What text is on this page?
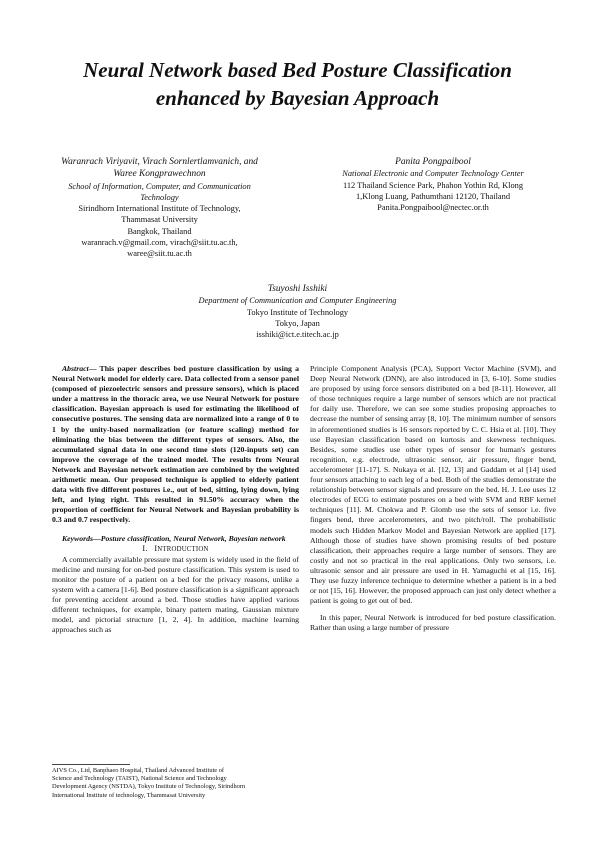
Neural Network based Bed Posture Classification
enhanced by Bayesian Approach
Waranrach Viriyavit, Virach Sornlertlamvanich, and
Waree Kongprawechnon
School of Information, Computer, and Communication
Technology
Sirindhorn International Institute of Technology,
Thammasat University
Bangkok, Thailand
waranrach.v@gmail.com, virach@siit.tu.ac.th,
waree@siit.tu.ac.th
Panita Pongpaibool
National Electronic and Computer Technology Center
112 Thailand Science Park, Phahon Yothin Rd, Klong
1,Klong Luang, Pathumthani 12120, Thailand
Panita.Pongpaibool@nectec.or.th
Tsuyoshi Isshiki
Department of Communication and Computer Engineering
Tokyo Institute of Technology
Tokyo, Japan
isshiki@ict.e.titech.ac.jp

Abstract— This paper describes bed posture classification by using a Neural Network model for elderly care. Data collected from a sensor panel (composed of piezoelectric sensors and pressure sensors), which is placed under a mattress in the thoracic area, we use Neural Network for posture classification. Bayesian approach is used for estimating the likelihood of consecutive postures. The sensing data are normalized into a range of 0 to 1 by the unity-based normalization (or feature scaling) method for eliminating the bias between the different types of sensors. Also, the accumulated signal data in one second time slots (120-inputs set) can improve the coverage of the trained model. The results from Neural Network and Bayesian network estimation are combined by the weighted arithmetic mean. Our proposed technique is applied to elderly patient data with five different postures i.e., out of bed, sitting, lying down, lying left, and lying right. This resulted in 91.50% accuracy when the proportion of coefficient for Neural Network and Bayesian probability is 0.3 and 0.7 respectively.

Keywords—Posture classification, Neural Network, Bayesian network

I. INTRODUCTION

A commercially available pressure mat system is widely used in the field of medicine and nursing for on-bed posture classification. This system is used to monitor the posture of a patient on a bed for the privacy reasons, unlike a system with a camera [1-6]. Bed posture classification is a significant approach for preventing accident around a bed. Those studies have applied various different techniques, for example, binary pattern mating, Gaussian mixture model, and pictorial structure [1, 2, 4]. In addition, machine learning approaches such as

Principle Component Analysis (PCA), Support Vector Machine (SVM), and Deep Neural Network (DNN), are also introduced in [3, 6-10]. Some studies are proposed by using force sensors distributed on a bed [8-11]. However, all of those techniques require a large number of sensors which are not practical for daily use. Therefore, we can see some studies proposing approaches to decrease the number of sensing array [8, 10]. The minimum number of sensors in aforementioned studies is 16 sensors reported by C. C. Hsia et al. [10]. They use Bayesian classification based on kurtosis and skewness techniques. Besides, some studies use other types of sensor for human's gestures recognition, e.g. electrode, ultrasonic sensor, air pressure, finger bend, accelerometer [11-17]. S. Nukaya et al. [12, 13] and Gaddam et al [14] used four sensors attaching to each leg of a bed. Both of the studies demonstrate the relationship between sensor signals and pressure on the bed. H. J. Lee uses 12 electrodes of ECG to estimate postures on a bed with SVM and RBF kernel techniques [11]. M. Chokwa and P. Glomb use the sets of sensor i.e. five fingers bend, three accelerometers, and two pitch/roll. The probabilistic models such Hidden Markov Model and Bayesian Network are applied [17]. Although those of studies have shown promising results of bed posture classification, their approaches require a large number of sensors. They are costly and not so practical in the real applications. Only two sensors, i.e. ultrasonic sensor and air pressure are used in H. Yamaguchi et al [15, 16]. They use fuzzy inference technique to determine whether a patient is in a bed or not [15, 16]. However, the proposed approach can just only detect whether a patient is going to get out of bed.

In this paper, Neural Network is introduced for bed posture classification. Rather than using a large number of pressure

AIVS Co., Ltd, Banphaeo Hospital, Thailand Advanced Institute of
Science and Technology (TAIST), National Science and Technology
Development Agency (NSTDA), Tokyo Institute of Technology, Sirindhorn
International Institute of technology, Thammasat University
